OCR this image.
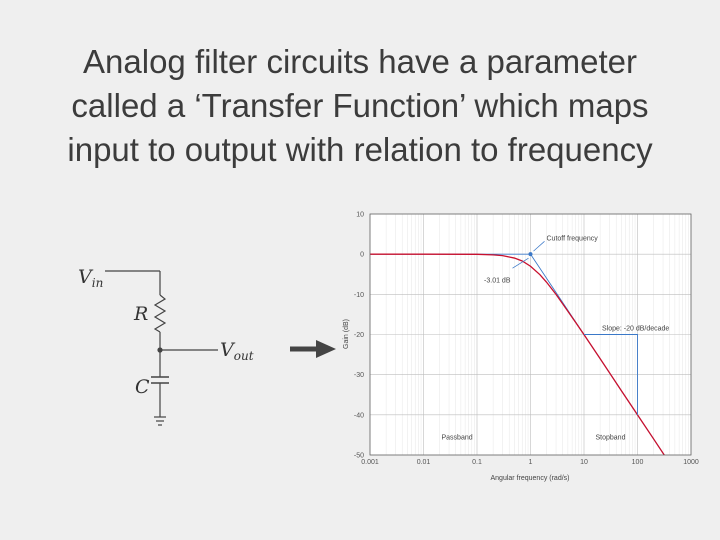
Analog filter circuits have a parameter
called a ‘Transfer Function’ which maps
input to output with relation to frequency
$V_{in}$
R
$V_{out}$
C
0.001	0.01	0.1	1	10	100	1000
10
0
-10
-20
-30
-40
-50
Gain (dB)
Angular frequency (rad/s)
Cutoff frequency
-3.01 dB
Slope: -20 dB/decade
Passband	Stopband
